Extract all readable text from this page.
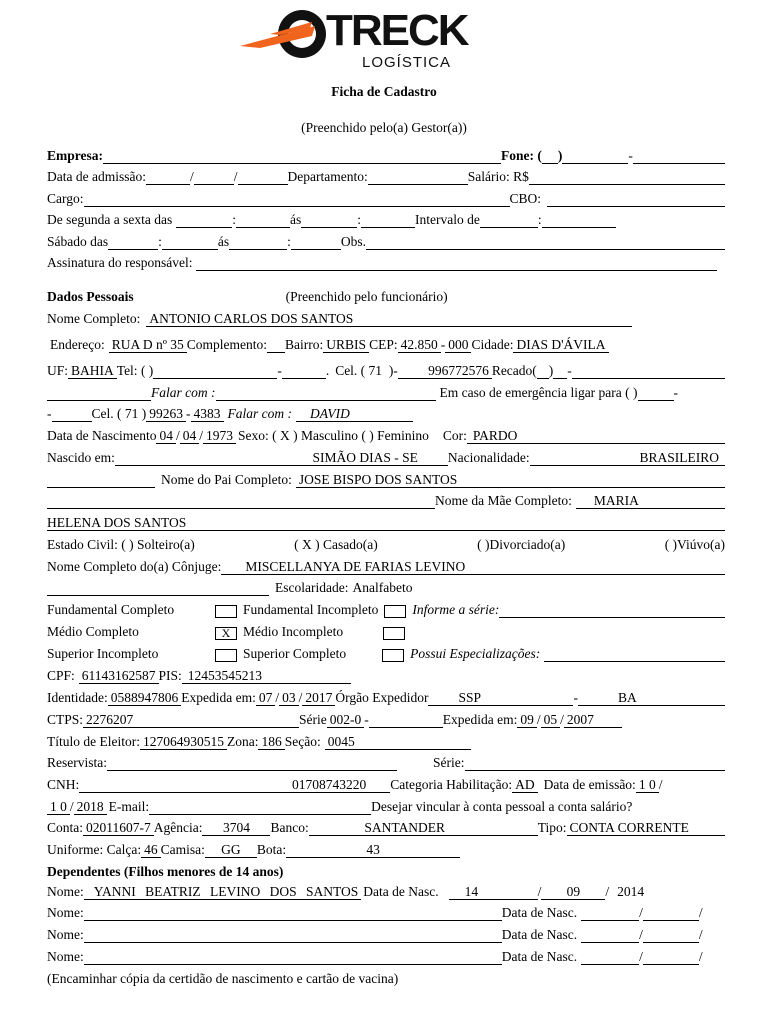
TRECK
LOGÍSTICA
Ficha de Cadastro
(Preenchido pelo(a) Gestor(a))
Empresa:	Fone: ( )	-
Data de admissão:	/	/	Departamento:	Salário: R$
Cargo:	CBO:
De segunda a sexta das	:	ás	:	Intervalo de	:
Sábado das	:	ás	:	Obs.
Assinatura do responsável:
Dados Pessoais	(Preenchido pelo funcionário)
Nome Completo: ANTONIO CARLOS DOS SANTOS
Endereço: RUA D nº 35 Complemento: Bairro: URBIS CEP: 42.850 - 000 Cidade: DIAS D'ÁVILA
UF: BAHIA Tel: ( )	-	. Cel. ( 71 )-	996772576 Recado( ) -
Falar com :	Em caso de emergência ligar para ( )	-
-	Cel. ( 71 ) 99263 - 4383 Falar com :	DAVID
Data de Nascimento 04 / 04 / 1973 Sexo: ( X ) Masculino ( ) Feminino Cor: PARDO
Nascido em:	SIMÃO DIAS - SE	Nacionalidade:	BRASILEIRO
Nome do Pai Completo: JOSE BISPO DOS SANTOS
Nome da Mãe Completo:	MARIA
HELENA DOS SANTOS
Estado Civil: ( ) Solteiro(a)	( X ) Casado(a)	( )Divorciado(a)	( )Viúvo(a)
Nome Completo do(a) Cônjuge:	MISCELLANYA DE FARIAS LEVINO
Escolaridade: Analfabeto
Fundamental Completo	Fundamental Incompleto	Informe a série:
Médio Completo	X Médio Incompleto
Superior Incompleto	Superior Completo	Possui Especializações:
CPF: 61143162587 PIS: 12453545213
Identidade: 0588947806 Expedida em: 07 / 03 / 2017 Órgão Expedidor	SSP	-	BA
CTPS: 2276207	Série 002-0 -	Expedida em: 09 / 05 / 2007
Título de Eleitor: 127064930515 Zona: 186 Seção: 0045
Reservista:	Série:
CNH:	01708743220	Categoria Habilitação: AD Data de emissão: 1 0 /
1 0 / 2018 E-mail:	Desejar vincular à conta pessoal a conta salário?
Conta: 02011607-7 Agência:	3704	Banco:	SANTANDER	Tipo: CONTA CORRENTE
Uniforme: Calça: 46 Camisa:	GG	Bota:	43
Dependentes (Filhos menores de 14 anos)
Nome: YANNI BEATRIZ LEVINO DOS SANTOS Data de Nasc.	14	/	09	/ 2014
Nome:	Data de Nasc.	/	/
Nome:	Data de Nasc.	/	/
Nome:	Data de Nasc.	/	/
(Encaminhar cópia da certidão de nascimento e cartão de vacina)
